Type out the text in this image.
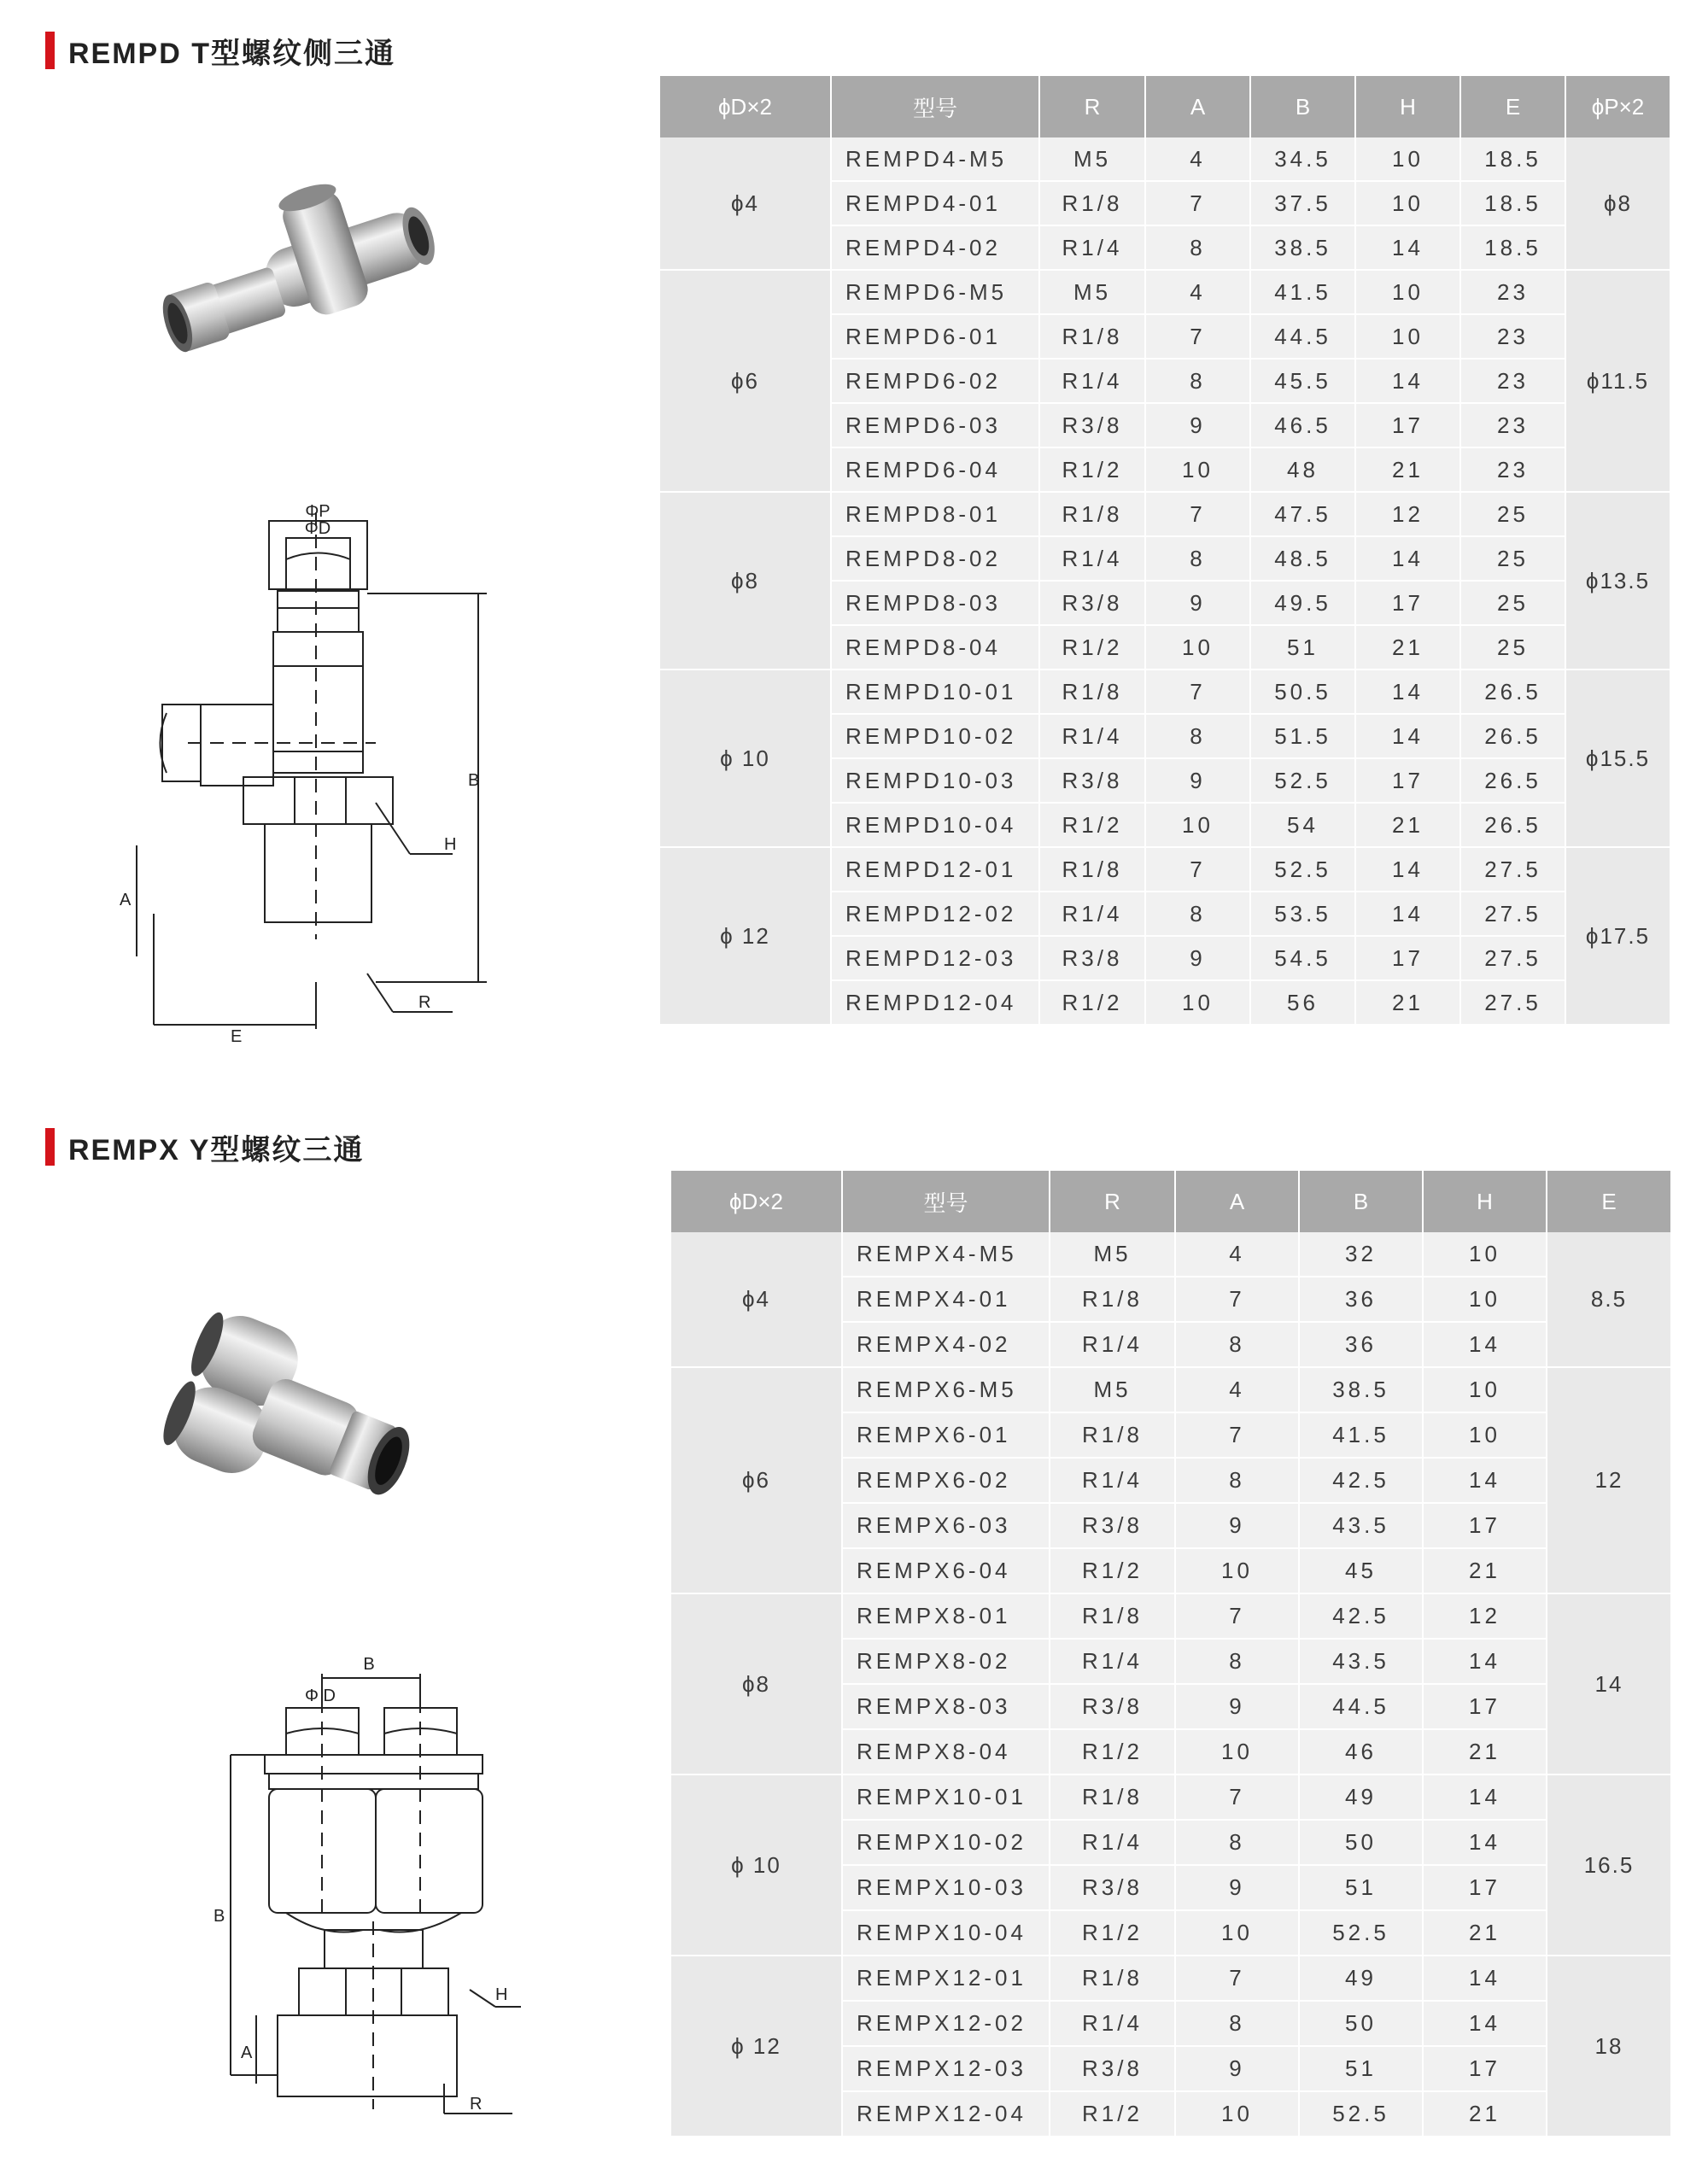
REMPD T型螺纹侧三通
ΦP
ΦD
B
H
A
E
R
ϕD×2	型号	R	A	B	H	E	ϕP×2
ϕ4	REMPD4-M5	M5	4	34.5	10	18.5	ϕ8
	REMPD4-01	R1/8	7	37.5	10	18.5	
	REMPD4-02	R1/4	8	38.5	14	18.5	
ϕ6	REMPD6-M5	M5	4	41.5	10	23	ϕ11.5
	REMPD6-01	R1/8	7	44.5	10	23	
	REMPD6-02	R1/4	8	45.5	14	23	
	REMPD6-03	R3/8	9	46.5	17	23	
	REMPD6-04	R1/2	10	48	21	23	
ϕ8	REMPD8-01	R1/8	7	47.5	12	25	ϕ13.5
	REMPD8-02	R1/4	8	48.5	14	25	
	REMPD8-03	R3/8	9	49.5	17	25	
	REMPD8-04	R1/2	10	51	21	25	
ϕ 10	REMPD10-01	R1/8	7	50.5	14	26.5	ϕ15.5
	REMPD10-02	R1/4	8	51.5	14	26.5	
	REMPD10-03	R3/8	9	52.5	17	26.5	
	REMPD10-04	R1/2	10	54	21	26.5	
ϕ 12	REMPD12-01	R1/8	7	52.5	14	27.5	ϕ17.5
	REMPD12-02	R1/4	8	53.5	14	27.5	
	REMPD12-03	R3/8	9	54.5	17	27.5	
	REMPD12-04	R1/2	10	56	21	27.5	
REMPX Y型螺纹三通
B
Φ D
B
H
A
R
ϕD×2	型号	R	A	B	H	E
ϕ4	REMPX4-M5	M5	4	32	10	8.5
	REMPX4-01	R1/8	7	36	10	
	REMPX4-02	R1/4	8	36	14	
ϕ6	REMPX6-M5	M5	4	38.5	10	12
	REMPX6-01	R1/8	7	41.5	10	
	REMPX6-02	R1/4	8	42.5	14	
	REMPX6-03	R3/8	9	43.5	17	
	REMPX6-04	R1/2	10	45	21	
ϕ8	REMPX8-01	R1/8	7	42.5	12	14
	REMPX8-02	R1/4	8	43.5	14	
	REMPX8-03	R3/8	9	44.5	17	
	REMPX8-04	R1/2	10	46	21	
ϕ 10	REMPX10-01	R1/8	7	49	14	16.5
	REMPX10-02	R1/4	8	50	14	
	REMPX10-03	R3/8	9	51	17	
	REMPX10-04	R1/2	10	52.5	21	
ϕ 12	REMPX12-01	R1/8	7	49	14	18
	REMPX12-02	R1/4	8	50	14	
	REMPX12-03	R3/8	9	51	17	
	REMPX12-04	R1/2	10	52.5	21	
